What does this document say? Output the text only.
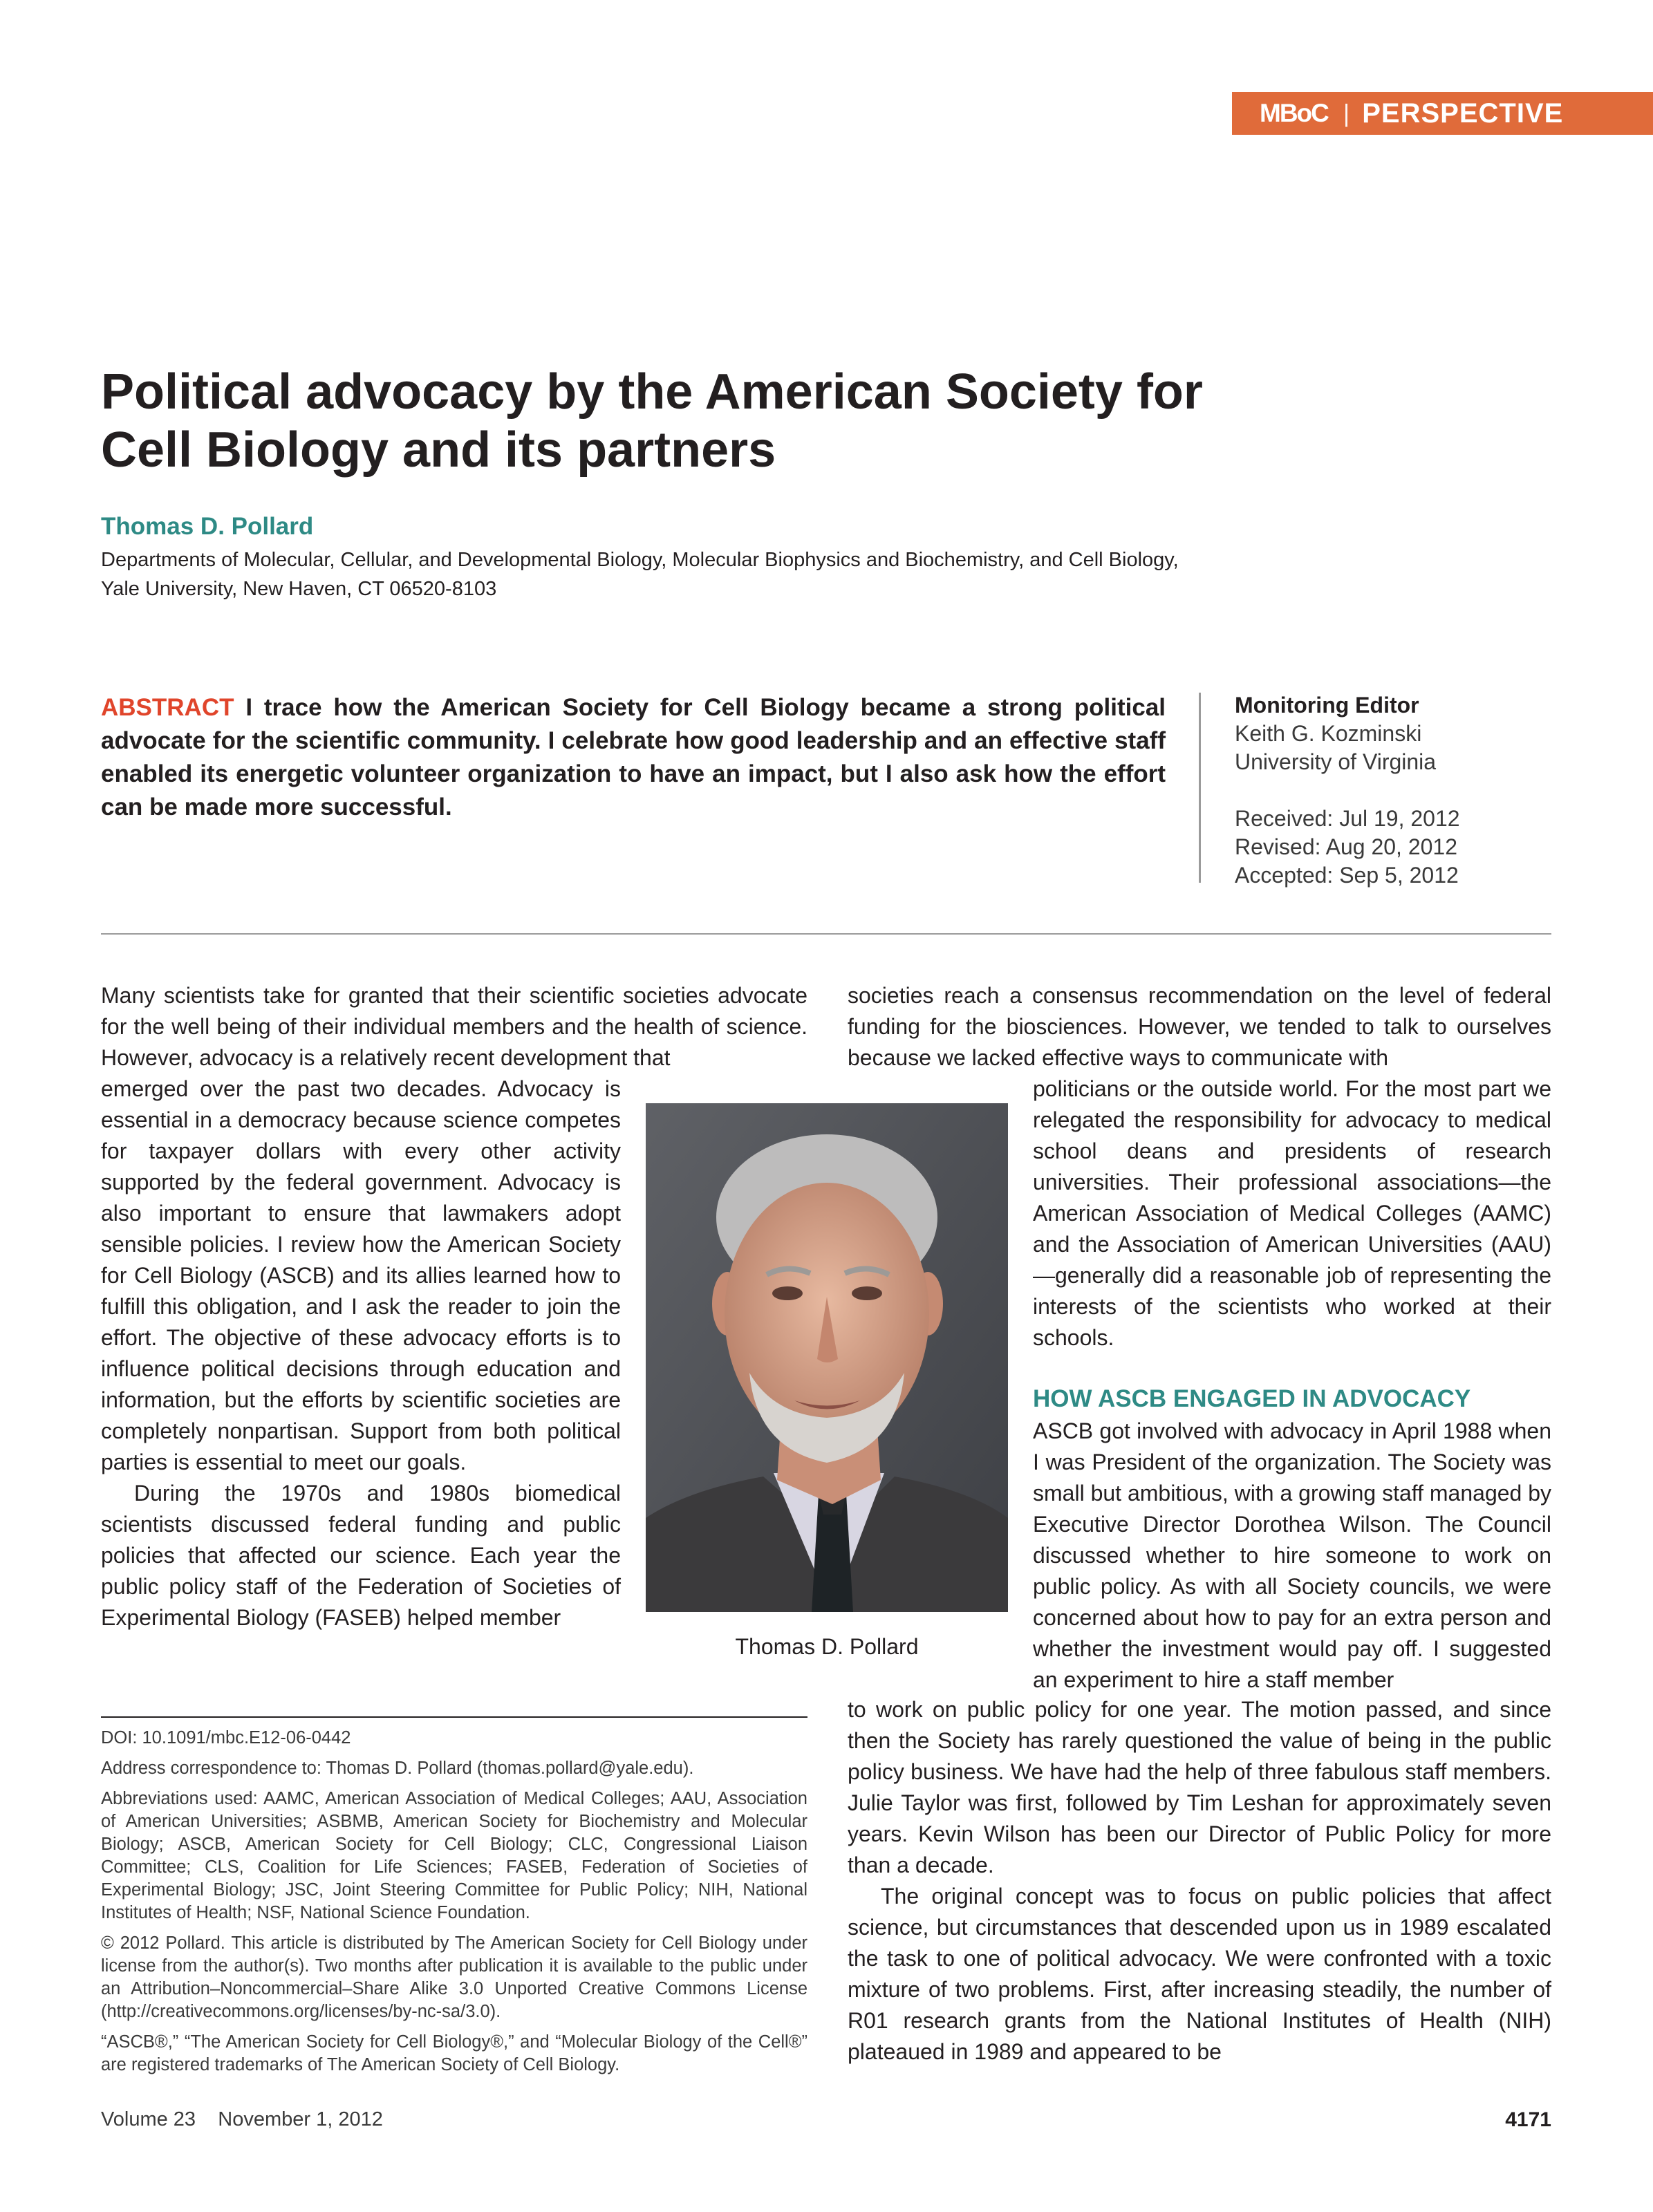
MBoC | PERSPECTIVE
Political advocacy by the American Society for
Cell Biology and its partners
Thomas D. Pollard
Departments of Molecular, Cellular, and Developmental Biology, Molecular Biophysics and Biochemistry, and Cell Biology, Yale University, New Haven, CT 06520-8103
ABSTRACT I trace how the American Society for Cell Biology became a strong political advocate for the scientific community. I celebrate how good leadership and an effective staff enabled its energetic volunteer organization to have an impact, but I also ask how the effort can be made more successful.
Monitoring Editor
Keith G. Kozminski
University of Virginia
Received: Jul 19, 2012
Revised: Aug 20, 2012
Accepted: Sep 5, 2012

Many scientists take for granted that their scientific societies advocate for the well being of their individual members and the health of science. However, advocacy is a relatively recent development that

emerged over the past two decades. Advocacy is essential in a democracy because science competes for taxpayer dollars with every other activity supported by the federal government. Advocacy is also important to ensure that lawmakers adopt sensible policies. I review how the American Society for Cell Biology (ASCB) and its allies learned how to fulfill this obligation, and I ask the reader to join the effort. The objective of these advocacy efforts is to influence political decisions through education and information, but the efforts by scientific societies are completely nonpartisan. Support from both political parties is essential to meet our goals.

During the 1970s and 1980s biomedical scientists discussed federal funding and public policies that affected our science. Each year the public policy staff of the Federation of Societies of Experimental Biology (FASEB) helped member

Thomas D. Pollard

societies reach a consensus recommendation on the level of federal funding for the biosciences. However, we tended to talk to ourselves because we lacked effective ways to communicate with

politicians or the outside world. For the most part we relegated the responsibility for advocacy to medical school deans and presidents of research universities. Their professional associations—the American Association of Medical Colleges (AAMC) and the Association of American Universities (AAU)—generally did a reasonable job of representing the interests of the scientists who worked at their schools.

ASCB got involved with advocacy in April 1988 when I was President of the organization. The Society was small but ambitious, with a growing staff managed by Executive Director Dorothea Wilson. The Council discussed whether to hire someone to work on public policy. As with all Society councils, we were concerned about how to pay for an extra person and whether the investment would pay off. I suggested an experiment to hire a staff member

HOW ASCB ENGAGED IN ADVOCACY

to work on public policy for one year. The motion passed, and since then the Society has rarely questioned the value of being in the public policy business. We have had the help of three fabulous staff members. Julie Taylor was first, followed by Tim Leshan for approximately seven years. Kevin Wilson has been our Director of Public Policy for more than a decade.

The original concept was to focus on public policies that affect science, but circumstances that descended upon us in 1989 escalated the task to one of political advocacy. We were confronted with a toxic mixture of two problems. First, after increasing steadily, the number of R01 research grants from the National Institutes of Health (NIH) plateaued in 1989 and appeared to be

DOI: 10.1091/mbc.E12-06-0442

Address correspondence to: Thomas D. Pollard (thomas.pollard@yale.edu).

Abbreviations used: AAMC, American Association of Medical Colleges; AAU, Association of American Universities; ASBMB, American Society for Biochemistry and Molecular Biology; ASCB, American Society for Cell Biology; CLC, Congressional Liaison Committee; CLS, Coalition for Life Sciences; FASEB, Federation of Societies of Experimental Biology; JSC, Joint Steering Committee for Public Policy; NIH, National Institutes of Health; NSF, National Science Foundation.

© 2012 Pollard. This article is distributed by The American Society for Cell Biology under license from the author(s). Two months after publication it is available to the public under an Attribution–Noncommercial–Share Alike 3.0 Unported Creative Commons License (http://creativecommons.org/licenses/by-nc-sa/3.0).

“ASCB®,” “The American Society for Cell Biology®,” and “Molecular Biology of the Cell®” are registered trademarks of The American Society of Cell Biology.

Volume 23    November 1, 2012	4171
